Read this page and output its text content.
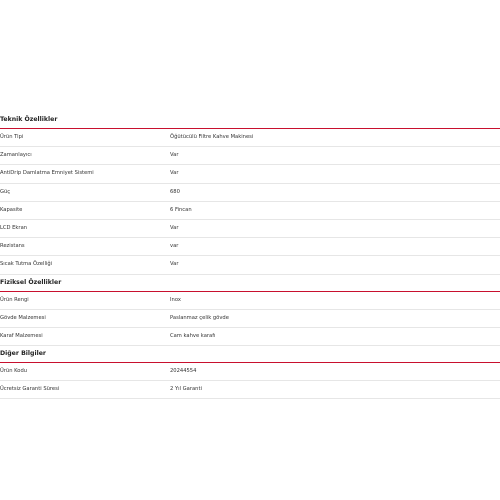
Teknik Özellikler
Ürün Tipi	Öğütücülü Filtre Kahve Makinesi
Zamanlayıcı	Var
AntiDrip Damlatma Emniyet Sistemi	Var
Güç	680
Kapasite	6 Fincan
LCD Ekran	Var
Rezistans	var
Sıcak Tutma Özelliği	Var
Fiziksel Özellikler
Ürün Rengi	Inox
Gövde Malzemesi	Paslanmaz çelik gövde
Karaf Malzemesi	Cam kahve karafı
Diğer Bilgiler
Ürün Kodu	20244554
Ücretsiz Garanti Süresi	2 Yıl Garanti
